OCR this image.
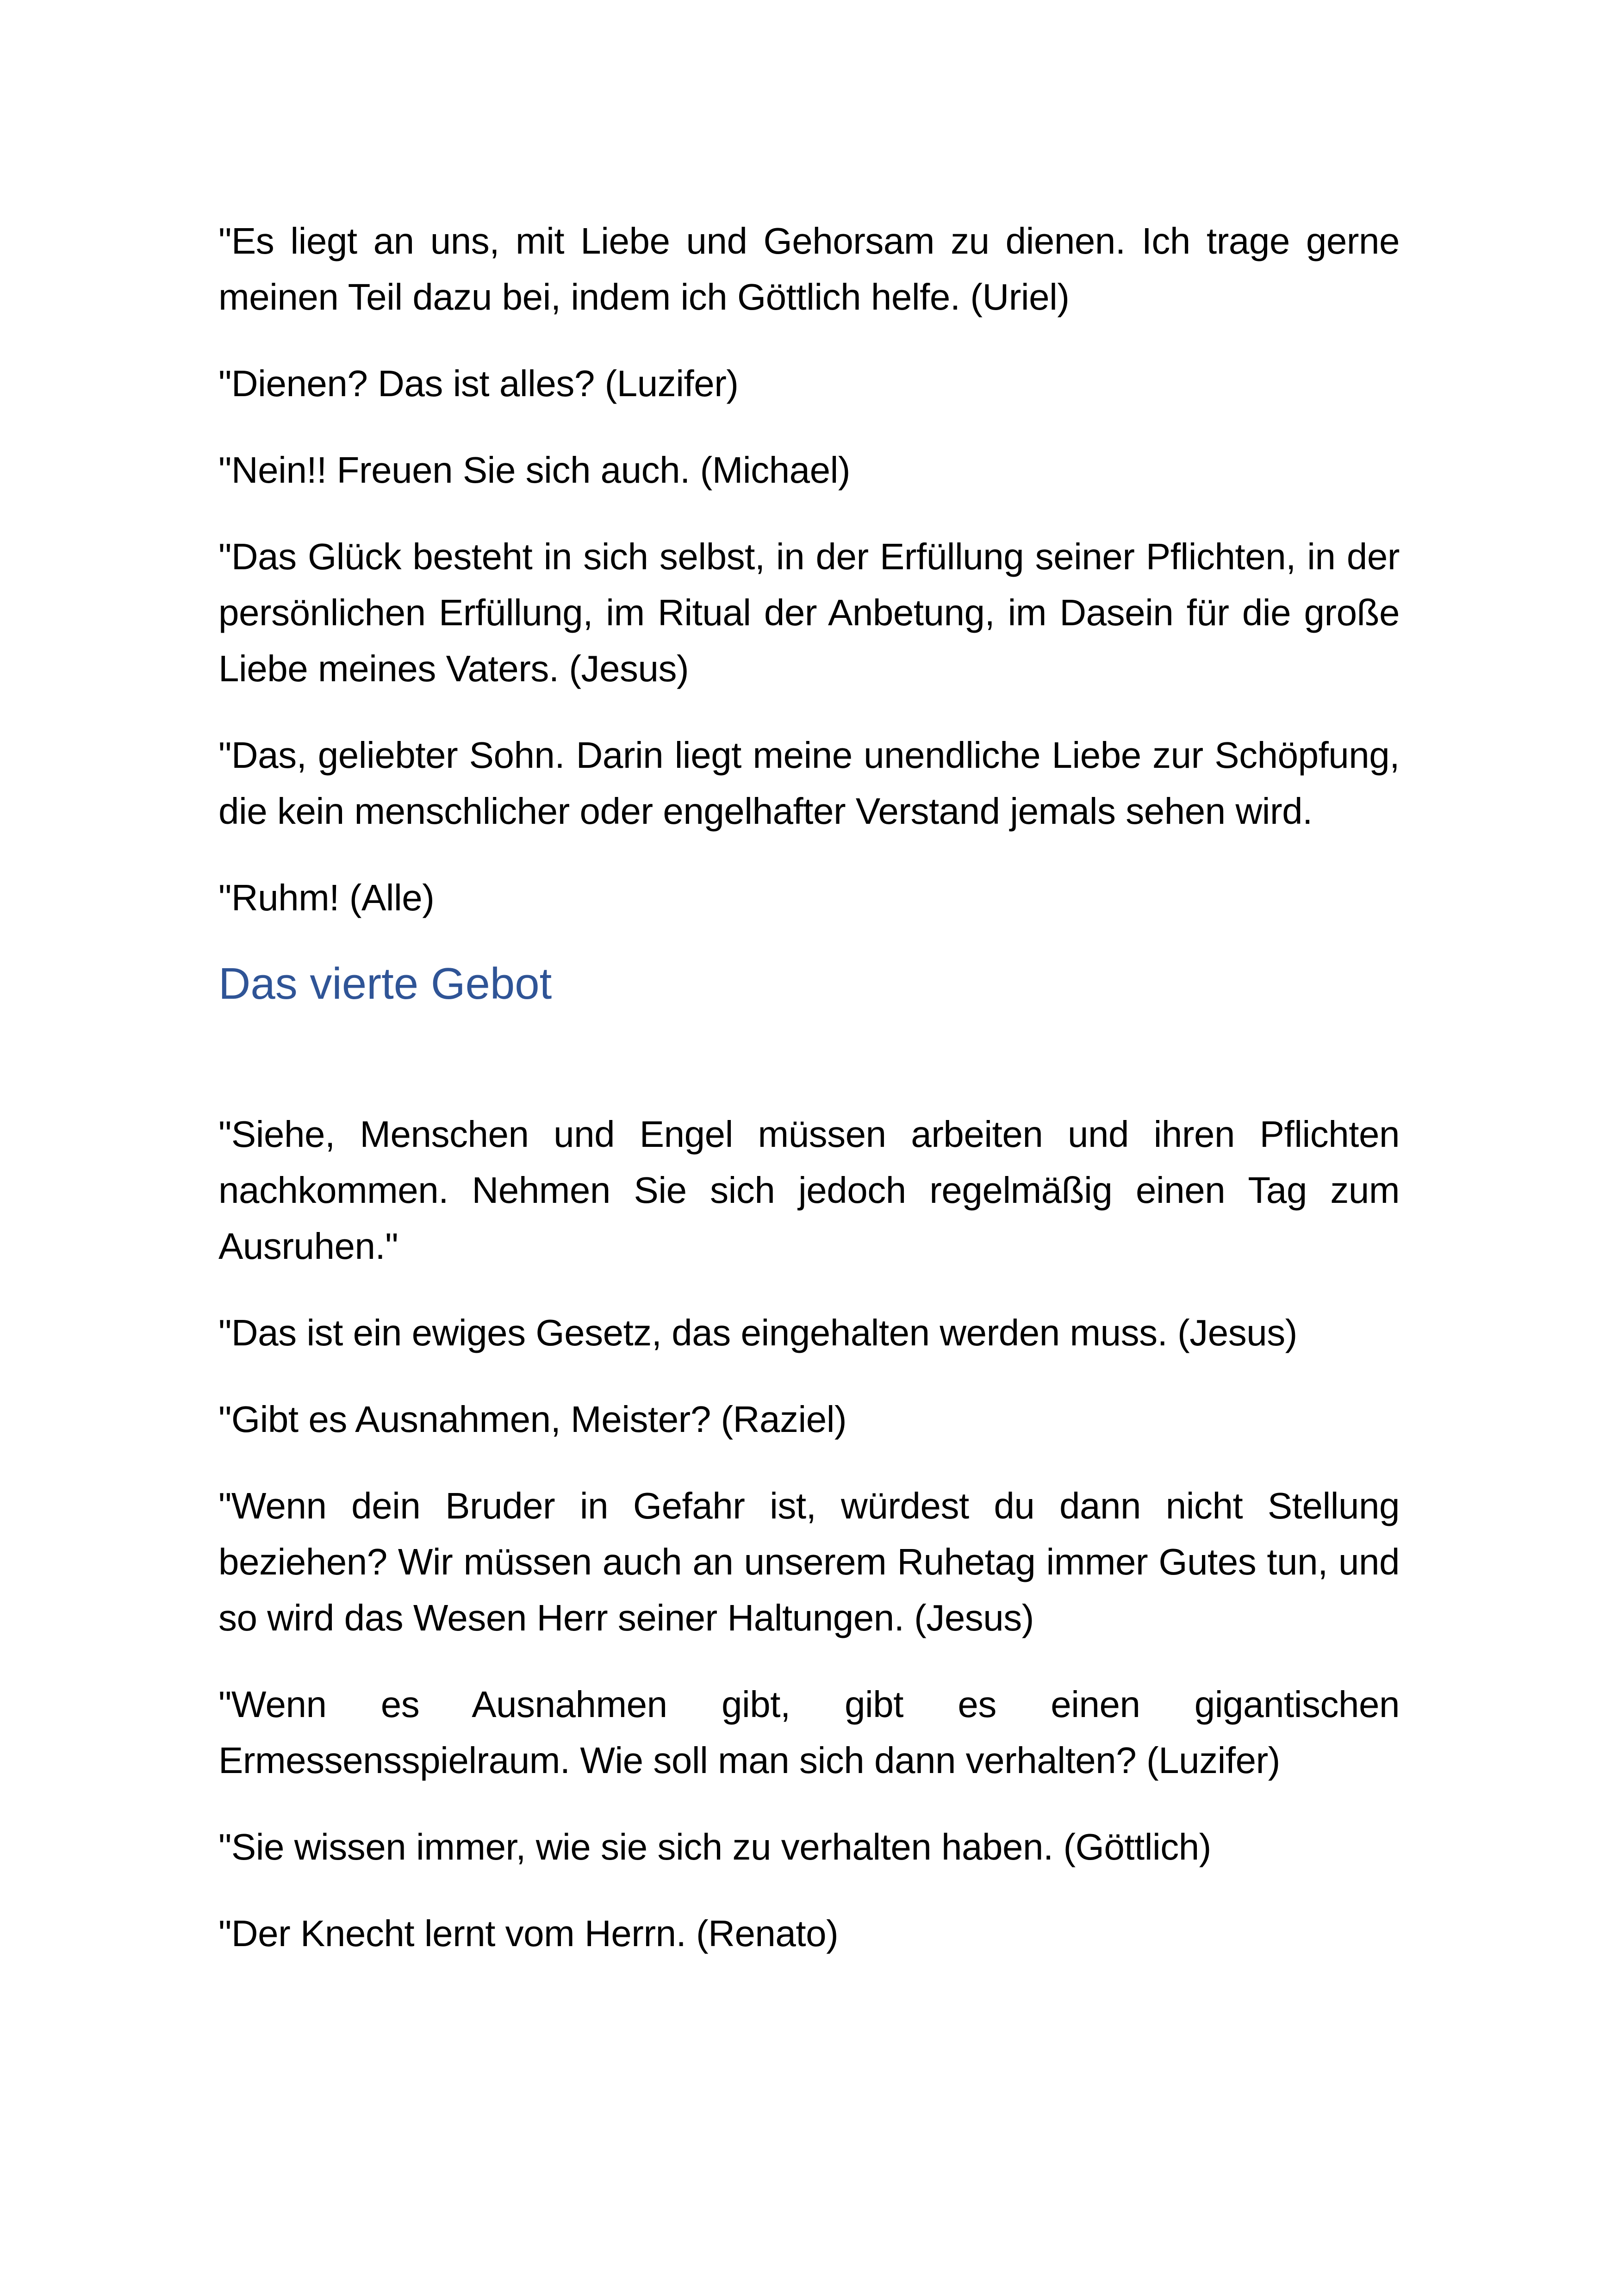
"Es liegt an uns, mit Liebe und Gehorsam zu dienen. Ich trage gerne meinen Teil dazu bei, indem ich Göttlich helfe. (Uriel)

"Dienen? Das ist alles? (Luzifer)

"Nein!! Freuen Sie sich auch. (Michael)

"Das Glück besteht in sich selbst, in der Erfüllung seiner Pflichten, in der persönlichen Erfüllung, im Ritual der Anbetung, im Dasein für die große Liebe meines Vaters. (Jesus)

"Das, geliebter Sohn. Darin liegt meine unendliche Liebe zur Schöpfung, die kein menschlicher oder engelhafter Verstand jemals sehen wird.

"Ruhm! (Alle)

Das vierte Gebot

"Siehe, Menschen und Engel müssen arbeiten und ihren Pflichten nachkommen. Nehmen Sie sich jedoch regelmäßig einen Tag zum Ausruhen."

"Das ist ein ewiges Gesetz, das eingehalten werden muss. (Jesus)

"Gibt es Ausnahmen, Meister? (Raziel)

"Wenn dein Bruder in Gefahr ist, würdest du dann nicht Stellung beziehen? Wir müssen auch an unserem Ruhetag immer Gutes tun, und so wird das Wesen Herr seiner Haltungen. (Jesus)

"Wenn es Ausnahmen gibt, gibt es einen gigantischen Ermessensspielraum. Wie soll man sich dann verhalten? (Luzifer)

"Sie wissen immer, wie sie sich zu verhalten haben. (Göttlich)

"Der Knecht lernt vom Herrn. (Renato)
